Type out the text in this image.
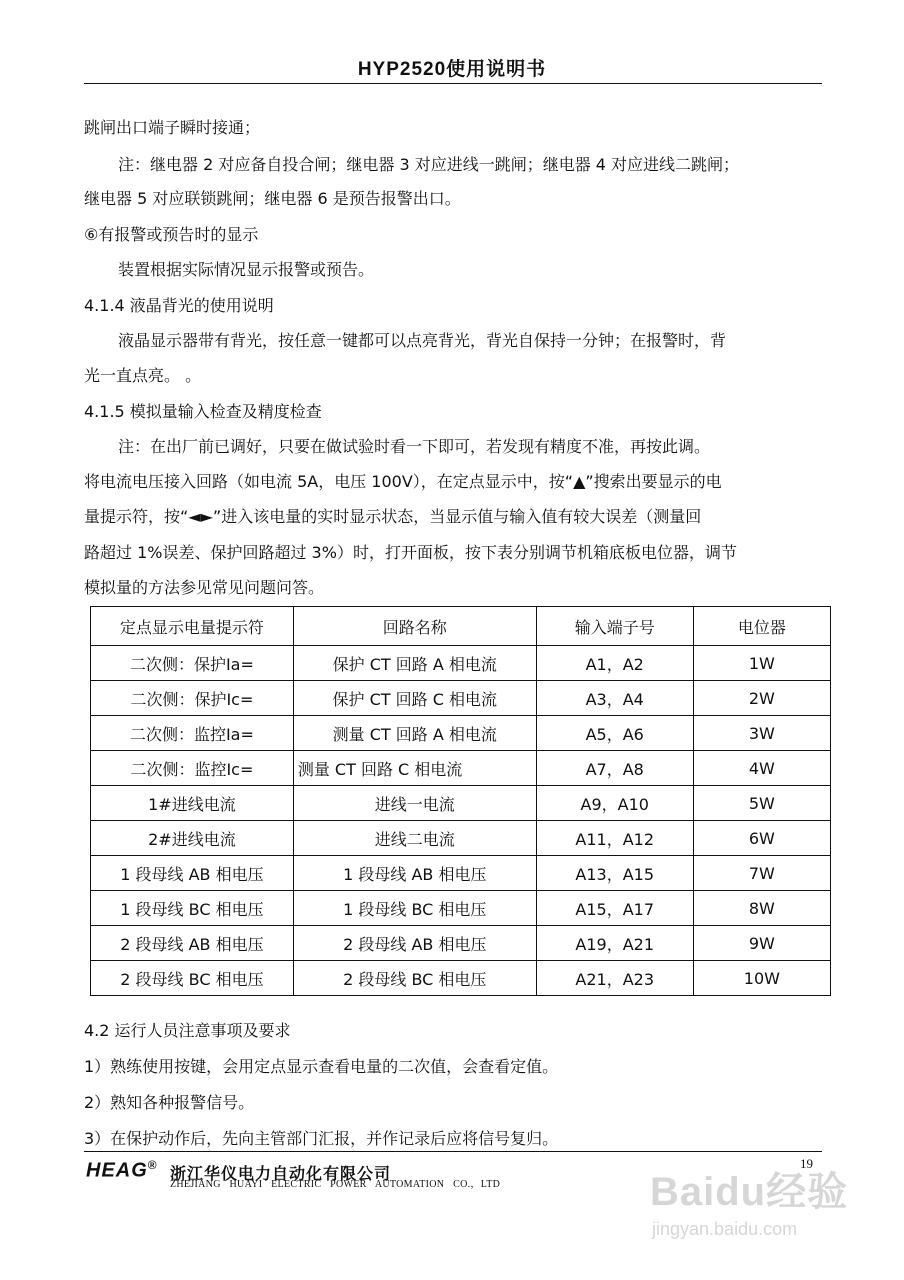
HYP2520使用说明书
跳闸出口端子瞬时接通；
注：继电器 2 对应备自投合闸；继电器 3 对应进线一跳闸；继电器 4 对应进线二跳闸；
继电器 5 对应联锁跳闸；继电器 6 是预告报警出口。
⑥有报警或预告时的显示
装置根据实际情况显示报警或预告。
4.1.4 液晶背光的使用说明
液晶显示器带有背光，按任意一键都可以点亮背光，背光自保持一分钟；在报警时，背
光一直点亮。 。
4.1.5 模拟量输入检查及精度检查
注：在出厂前已调好，只要在做试验时看一下即可，若发现有精度不准，再按此调。
将电流电压接入回路（如电流 5A，电压 100V），在定点显示中，按“▲”搜索出要显示的电
量提示符，按“◄►”进入该电量的实时显示状态，当显示值与输入值有较大误差（测量回
路超过 1%误差、保护回路超过 3%）时，打开面板，按下表分别调节机箱底板电位器，调节
模拟量的方法参见常见问题问答。
定点显示电量提示符	回路名称	输入端子号	电位器
二次侧：保护Ia=	保护 CT 回路 A 相电流	A1，A2	1W
二次侧：保护Ic=	保护 CT 回路 C 相电流	A3，A4	2W
二次侧：监控Ia=	测量 CT 回路 A 相电流	A5，A6	3W
二次侧：监控Ic=	测量 CT 回路 C 相电流	A7，A8	4W
1#进线电流	进线一电流	A9，A10	5W
2#进线电流	进线二电流	A11，A12	6W
1 段母线 AB 相电压	1 段母线 AB 相电压	A13，A15	7W
1 段母线 BC 相电压	1 段母线 BC 相电压	A15，A17	8W
2 段母线 AB 相电压	2 段母线 AB 相电压	A19，A21	9W
2 段母线 BC 相电压	2 段母线 BC 相电压	A21，A23	10W
4.2 运行人员注意事项及要求
1）熟练使用按键，会用定点显示查看电量的二次值，会查看定值。
2）熟知各种报警信号。
3）在保护动作后，先向主管部门汇报，并作记录后应将信号复归。
19
HEAG® 浙江华仪电力自动化有限公司
ZHEJIANG HUAYI ELECTRIC POWER AUTOMATION CO.，LTD	Baidu经验
jingyan.baidu.com
